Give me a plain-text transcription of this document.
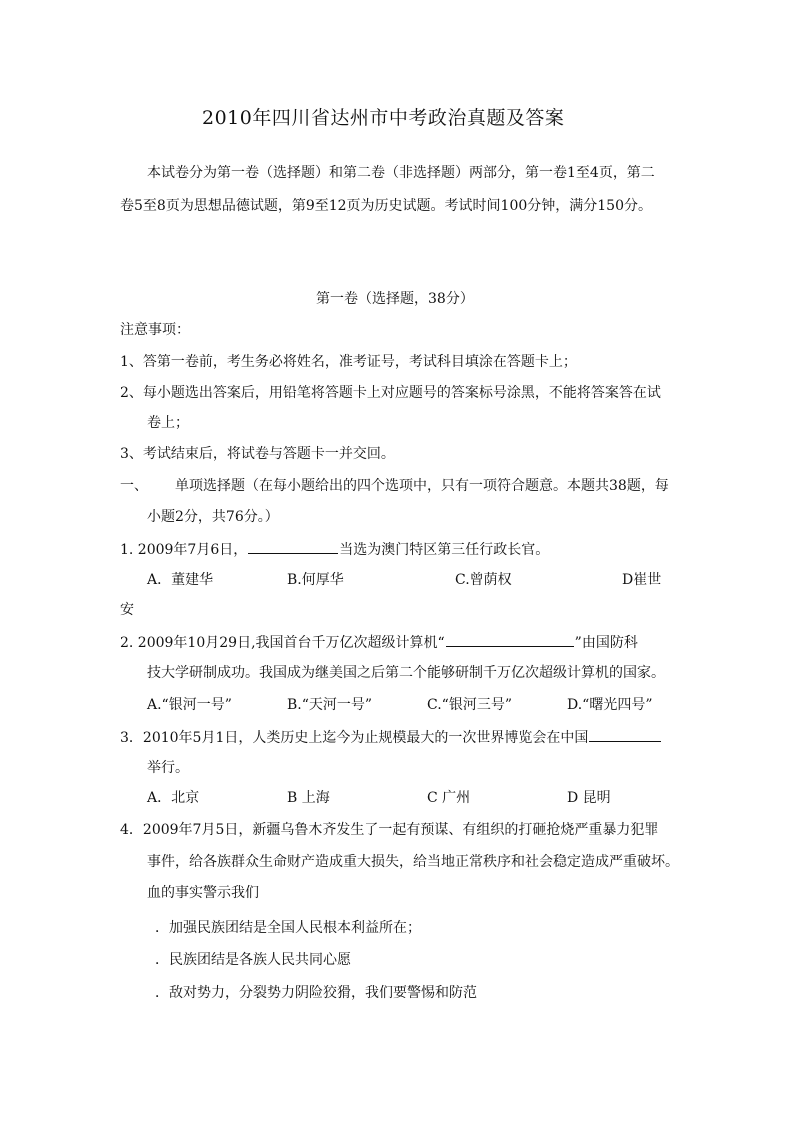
2010年四川省达州市中考政治真题及答案
本试卷分为第一卷（选择题）和第二卷（非选择题）两部分，第一卷1至4页，第二
卷5至8页为思想品德试题，第9至12页为历史试题。考试时间100分钟，满分150分。
第一卷（选择题，38分）
注意事项：
1、答第一卷前，考生务必将姓名，准考证号，考试科目填涂在答题卡上；
2、每小题选出答案后，用铅笔将答题卡上对应题号的答案标号涂黑，不能将答案答在试
卷上；
3、考试结束后，将试卷与答题卡一并交回。
一、 单项选择题（在每小题给出的四个选项中，只有一项符合题意。本题共38题，每
小题2分，共76分。）
1. 2009年7月6日，	当选为澳门特区第三任行政长官。
A．董建华	B.何厚华	C.曾荫权	D崔世
安
2. 2009年10月29日,我国首台千万亿次超级计算机“	”由国防科
技大学研制成功。我国成为继美国之后第二个能够研制千万亿次超级计算机的国家。
A.“银河一号”	B.“天河一号”	C.“银河三号”	D.“曙光四号”
3．2010年5月1日，人类历史上迄今为止规模最大的一次世界博览会在中国
举行。
A．北京	B 上海	C 广州	D 昆明
4．2009年7月5日，新疆乌鲁木齐发生了一起有预谋、有组织的打砸抢烧严重暴力犯罪
事件，给各族群众生命财产造成重大损失，给当地正常秩序和社会稳定造成严重破坏。
血的事实警示我们
．加强民族团结是全国人民根本利益所在；
．民族团结是各族人民共同心愿
．敌对势力，分裂势力阴险狡猾，我们要警惕和防范
